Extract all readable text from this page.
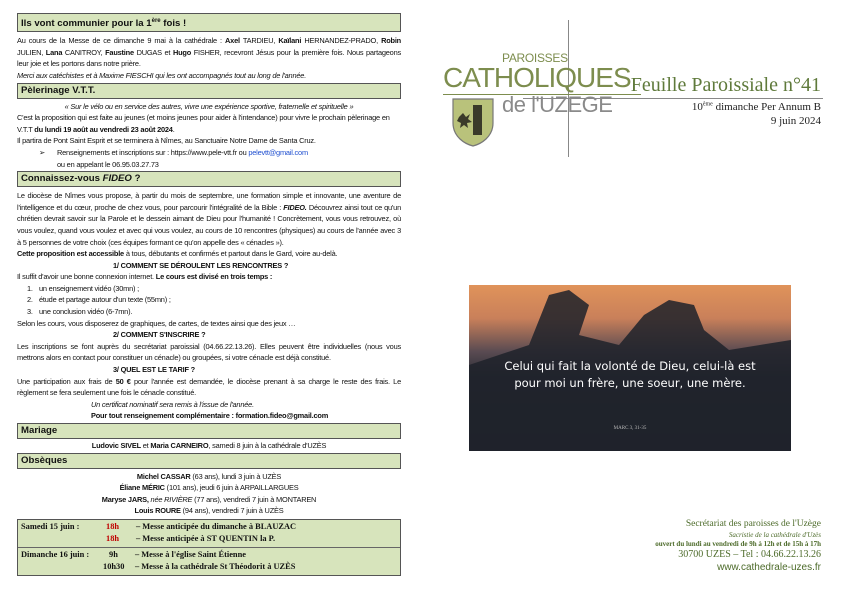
Ils vont communier pour la 1ère fois !
Au cours de la Messe de ce dimanche 9 mai à la cathédrale : Axel TARDIEU, Kaïlani HERNANDEZ-PRADO, Robin JULIEN, Lana CANITROY, Faustine DUGAS et Hugo FISHER, recevront Jésus pour la première fois. Nous partageons leur joie et les portons dans notre prière.
Merci aux catéchistes et à Maxime FIESCHI qui les ont accompagnés tout au long de l'année.
Pèlerinage V.T.T.
« Sur le vélo ou en service des autres, vivre une expérience sportive, fraternelle et spirituelle »
C'est la proposition qui est faite au jeunes (et moins jeunes pour aider à l'intendance) pour vivre le prochain pèlerinage en V.T.T du lundi 19 août au vendredi 23 août 2024.
Il partira de Pont Saint Esprit et se terminera à Nîmes, au Sanctuaire Notre Dame de Santa Cruz.
➢ Renseignements et inscriptions sur : https://www.pele-vtt.fr ou pelevtt@gmail.com
ou en appelant le 06.95.03.27.73
Connaissez-vous FIDEO ?
Le diocèse de Nîmes vous propose, à partir du mois de septembre, une formation simple et innovante, une aventure de l'intelligence et du cœur, proche de chez vous, pour parcourir l'intégralité de la Bible : FIDEO. Découvrez ainsi tout ce qu'un chrétien devrait savoir sur la Parole et le dessein aimant de Dieu pour l'humanité ! Concrètement, vous vous retrouvez, où vous voulez, quand vous voulez et avec qui vous voulez, au cours de 10 rencontres (physiques) au cours de l'année avec 3 à 5 personnes de votre choix (ces équipes formant ce qu'on appelle des « cénacles »).
Cette proposition est accessible à tous, débutants et confirmés et partout dans le Gard, voire au-delà.
1/ COMMENT SE DÉROULENT LES RENCONTRES ?
Il suffit d'avoir une bonne connexion internet. Le cours est divisé en trois temps :
1. un enseignement vidéo (30mn) ;
2. étude et partage autour d'un texte (55mn) ;
3. une conclusion vidéo (6-7mn).
Selon les cours, vous disposerez de graphiques, de cartes, de textes ainsi que des jeux …
2/ COMMENT S'INSCRIRE ?
Les inscriptions se font auprès du secrétariat paroissial (04.66.22.13.26). Elles peuvent être individuelles (nous vous mettrons alors en contact pour constituer un cénacle) ou groupées, si votre cénacle est déjà constitué.
3/ QUEL EST LE TARIF ?
Une participation aux frais de 50 € pour l'année est demandée, le diocèse prenant à sa charge le reste des frais. Le règlement se fera seulement une fois le cénacle constitué.
Un certificat nominatif sera remis à l'issue de l'année.
Pour tout renseignement complémentaire : formation.fideo@gmail.com
Mariage
Ludovic SIVEL et Maria CARNEIRO, samedi 8 juin à la cathédrale d'UZÈS
Obsèques
Michel CASSAR (63 ans), lundi 3 juin à UZÈS
Éliane MÉRIC (101 ans), jeudi 6 juin à ARPAILLARGUES
Maryse JARS, née RIVIÈRE (77 ans), vendredi 7 juin à MONTAREN
Louis ROURE (94 ans), vendredi 7 juin à UZÈS
Samedi 15 juin :	18h	– Messe anticipée du dimanche à BLAUZAC
18h	– Messe anticipée à ST QUENTIN la P.
Dimanche 16 juin :	9h	– Messe à l'église Saint Étienne
10h30	– Messe à la cathédrale St Théodorit à UZÈS
PAROISSES
CATHOLIQUES
de l'UZEGE
Feuille Paroissiale n°41
10ème dimanche Per Annum B
9 juin 2024
Celui qui fait la volonté de Dieu, celui-là est pour moi un frère, une soeur, une mère.
MARC 3, 31-35
Secrétariat des paroisses de l'Uzège
Sacristie de la cathédrale d'Uzès
ouvert du lundi au vendredi de 9h à 12h et de 15h à 17h
30700 UZES – Tel : 04.66.22.13.26
www.cathedrale-uzes.fr
